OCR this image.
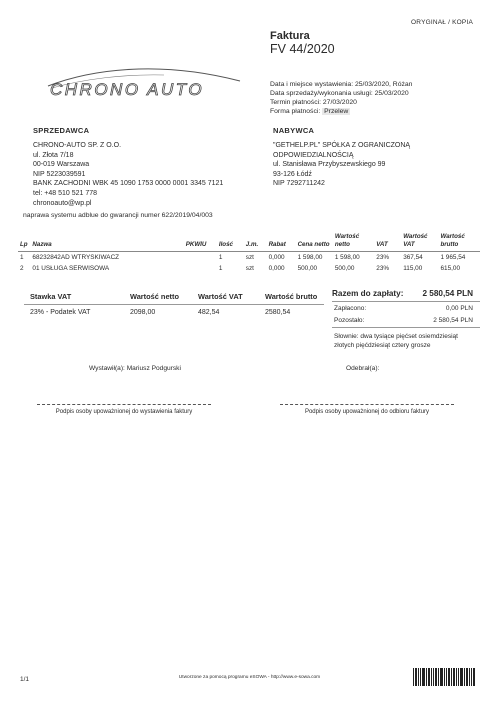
ORYGINAŁ / KOPIA
Faktura
FV 44/2020
CHRONO AUTO	Data i miejsce wystawienia: 25/03/2020, Różan
Data sprzedaży/wykonania usługi: 25/03/2020
Termin płatności: 27/03/2020
Forma płatności: Przelew
SPRZEDAWCA
CHRONO-AUTO SP. Z O.O.
ul. Złota 7/18
00-019 Warszawa
NIP 5223039591
BANK ZACHODNI WBK 45 1090 1753 0000 0001 3345 7121
tel: +48 510 521 778
chronoauto@wp.pl
NABYWCA
"GETHELP.PL" SPÓŁKA Z OGRANICZONĄ
ODPOWIEDZIALNOŚCIĄ
ul. Stanisława Przybyszewskiego 99
93-126 Łódź
NIP 7292711242
naprawa systemu adblue do gwarancji numer 622/2019/04/003
Lp	Nazwa	PKWIU	Ilość	J.m.	Rabat	Cena netto	Wartość netto	VAT	Wartość VAT	Wartość brutto
1	68232842AD WTRYSKIWACZ		1	szt	0,000	1 598,00	1 598,00	23%	367,54	1 965,54
2	01 USŁUGA SERWISOWA		1	szt	0,000	500,00	500,00	23%	115,00	615,00
Stawka VAT	Wartość netto	Wartość VAT	Wartość brutto
23% - Podatek VAT	2098,00	482,54	2580,54
Razem do zapłaty: 2 580,54 PLN
Zapłacono:	0,00 PLN
Pozostało:	2 580,54 PLN
Słownie: dwa tysiące pięćset osiemdziesiąt
złotych pięćdziesiąt cztery grosze
Wystawił(a): Mariusz Podgurski	Odebrał(a):
Podpis osoby upoważnionej do wystawienia faktury	Podpis osoby upoważnionej do odbioru faktury
1/1	Utworzone za pomocą programu eSOWA - http://www.e-sowa.com
